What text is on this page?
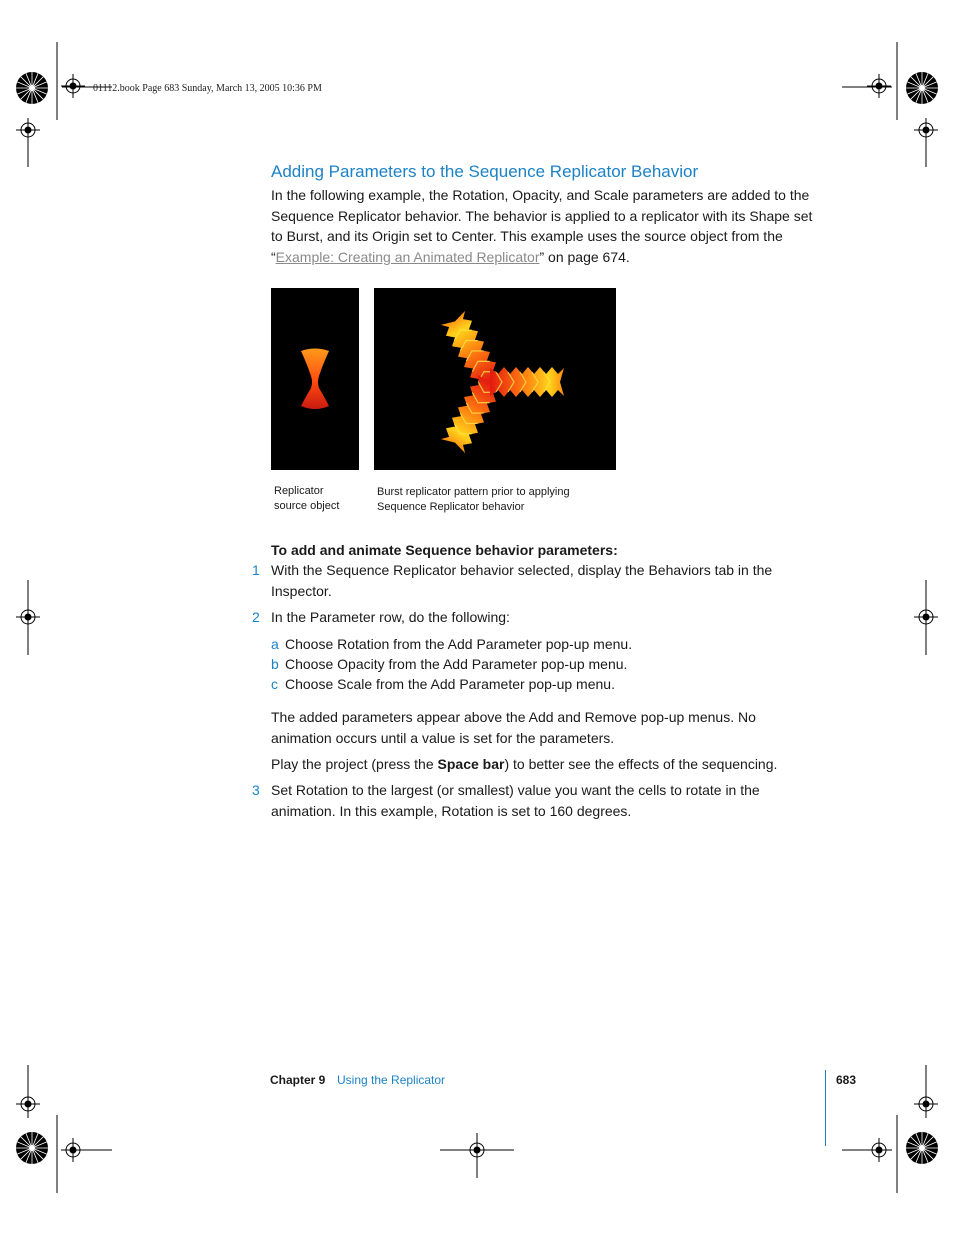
01112.book Page 683 Sunday, March 13, 2005 10:36 PM
Adding Parameters to the Sequence Replicator Behavior
In the following example, the Rotation, Opacity, and Scale parameters are added to the
Sequence Replicator behavior. The behavior is applied to a replicator with its Shape set
to Burst, and its Origin set to Center. This example uses the source object from the
“Example: Creating an Animated Replicator” on page 674.
Replicator
source object
Burst replicator pattern prior to applying
Sequence Replicator behavior
To add and animate Sequence behavior parameters:
1 With the Sequence Replicator behavior selected, display the Behaviors tab in the
Inspector.
2 In the Parameter row, do the following:
a Choose Rotation from the Add Parameter pop-up menu.
b Choose Opacity from the Add Parameter pop-up menu.
c Choose Scale from the Add Parameter pop-up menu.
The added parameters appear above the Add and Remove pop-up menus. No
animation occurs until a value is set for the parameters.
Play the project (press the Space bar) to better see the effects of the sequencing.
3 Set Rotation to the largest (or smallest) value you want the cells to rotate in the
animation. In this example, Rotation is set to 160 degrees.
Chapter 9 Using the Replicator	683
